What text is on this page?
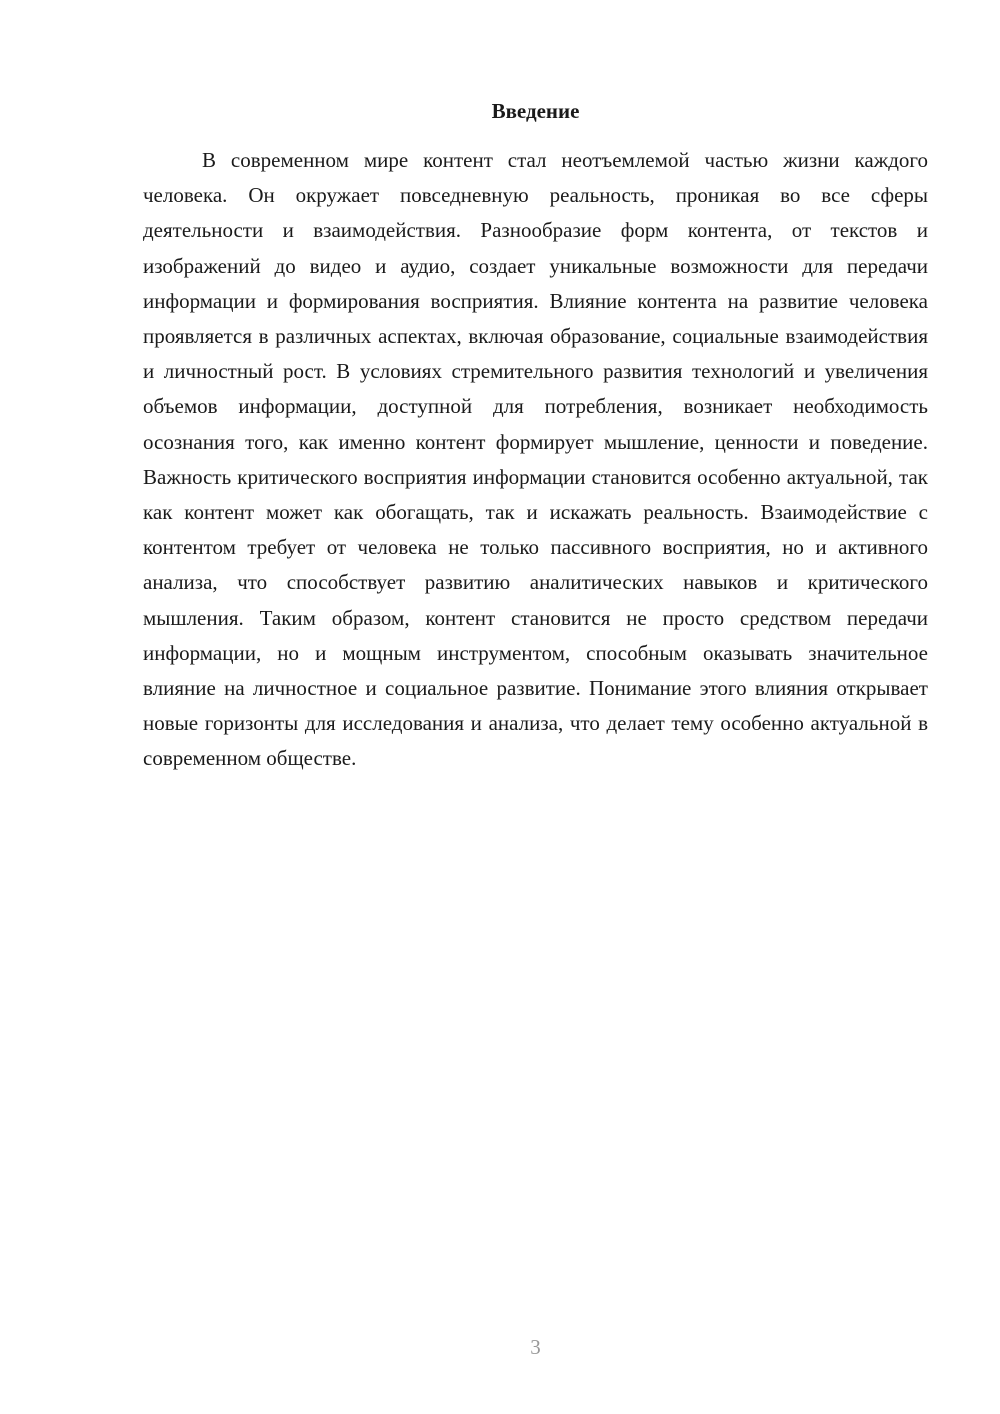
Введение

В современном мире контент стал неотъемлемой частью жизни каждого человека. Он окружает повседневную реальность, проникая во все сферы деятельности и взаимодействия. Разнообразие форм контента, от текстов и изображений до видео и аудио, создает уникальные возможности для передачи информации и формирования восприятия. Влияние контента на развитие человека проявляется в различных аспектах, включая образование, социальные взаимодействия и личностный рост. В условиях стремительного развития технологий и увеличения объемов информации, доступной для потребления, возникает необходимость осознания того, как именно контент формирует мышление, ценности и поведение. Важность критического восприятия информации становится особенно актуальной, так как контент может как обогащать, так и искажать реальность. Взаимодействие с контентом требует от человека не только пассивного восприятия, но и активного анализа, что способствует развитию аналитических навыков и критического мышления. Таким образом, контент становится не просто средством передачи информации, но и мощным инструментом, способным оказывать значительное влияние на личностное и социальное развитие. Понимание этого влияния открывает новые горизонты для исследования и анализа, что делает тему особенно актуальной в современном обществе.

3
